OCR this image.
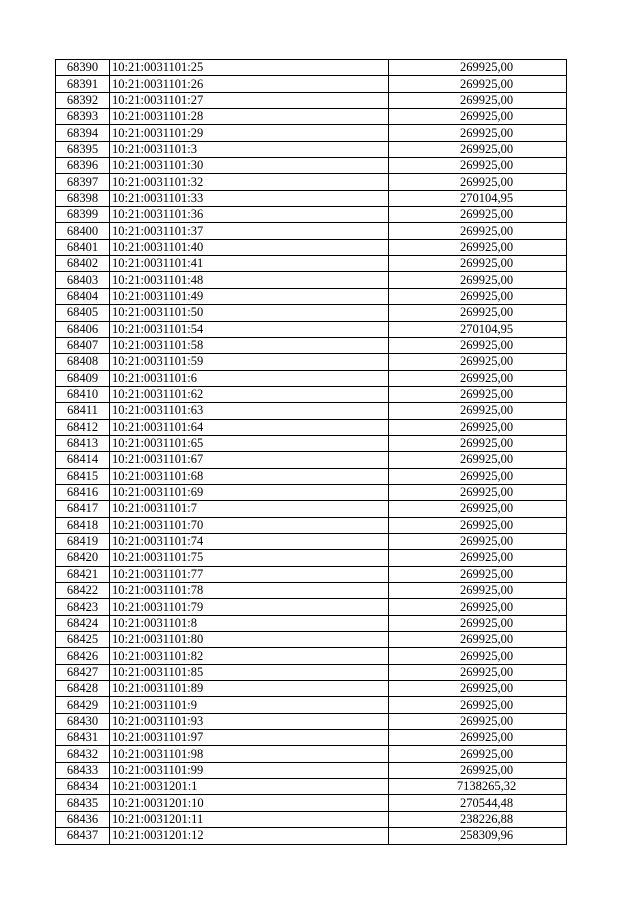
68390	10:21:0031101:25	269925,00
68391	10:21:0031101:26	269925,00
68392	10:21:0031101:27	269925,00
68393	10:21:0031101:28	269925,00
68394	10:21:0031101:29	269925,00
68395	10:21:0031101:3	269925,00
68396	10:21:0031101:30	269925,00
68397	10:21:0031101:32	269925,00
68398	10:21:0031101:33	270104,95
68399	10:21:0031101:36	269925,00
68400	10:21:0031101:37	269925,00
68401	10:21:0031101:40	269925,00
68402	10:21:0031101:41	269925,00
68403	10:21:0031101:48	269925,00
68404	10:21:0031101:49	269925,00
68405	10:21:0031101:50	269925,00
68406	10:21:0031101:54	270104,95
68407	10:21:0031101:58	269925,00
68408	10:21:0031101:59	269925,00
68409	10:21:0031101:6	269925,00
68410	10:21:0031101:62	269925,00
68411	10:21:0031101:63	269925,00
68412	10:21:0031101:64	269925,00
68413	10:21:0031101:65	269925,00
68414	10:21:0031101:67	269925,00
68415	10:21:0031101:68	269925,00
68416	10:21:0031101:69	269925,00
68417	10:21:0031101:7	269925,00
68418	10:21:0031101:70	269925,00
68419	10:21:0031101:74	269925,00
68420	10:21:0031101:75	269925,00
68421	10:21:0031101:77	269925,00
68422	10:21:0031101:78	269925,00
68423	10:21:0031101:79	269925,00
68424	10:21:0031101:8	269925,00
68425	10:21:0031101:80	269925,00
68426	10:21:0031101:82	269925,00
68427	10:21:0031101:85	269925,00
68428	10:21:0031101:89	269925,00
68429	10:21:0031101:9	269925,00
68430	10:21:0031101:93	269925,00
68431	10:21:0031101:97	269925,00
68432	10:21:0031101:98	269925,00
68433	10:21:0031101:99	269925,00
68434	10:21:0031201:1	7138265,32
68435	10:21:0031201:10	270544,48
68436	10:21:0031201:11	238226,88
68437	10:21:0031201:12	258309,96
